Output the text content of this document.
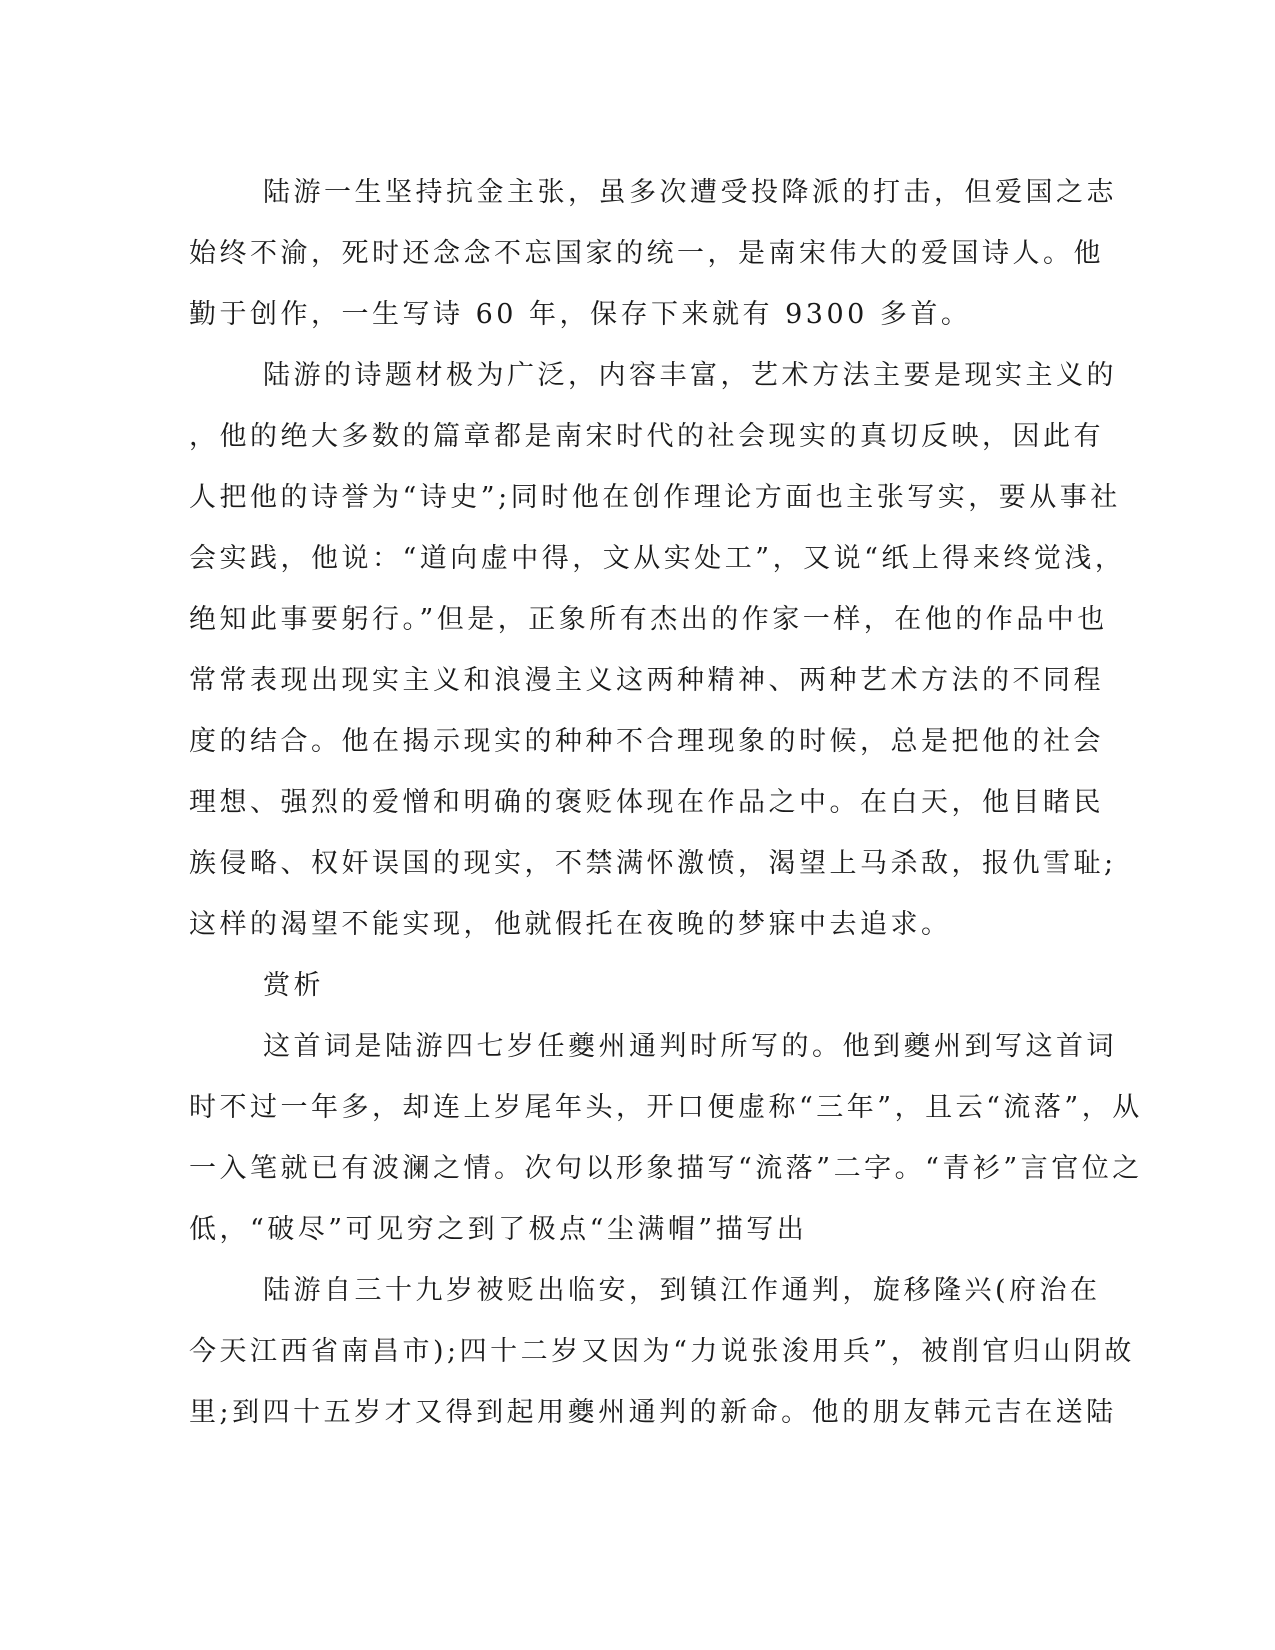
陆游一生坚持抗金主张，虽多次遭受投降派的打击，但爱国之志
始终不渝，死时还念念不忘国家的统一，是南宋伟大的爱国诗人。他
勤于创作，一生写诗 60 年，保存下来就有 9300 多首。
陆游的诗题材极为广泛，内容丰富，艺术方法主要是现实主义的
，他的绝大多数的篇章都是南宋时代的社会现实的真切反映，因此有
人把他的诗誉为“诗史”;同时他在创作理论方面也主张写实，要从事社
会实践，他说：“道向虚中得，文从实处工”，又说“纸上得来终觉浅，
绝知此事要躬行。”但是，正象所有杰出的作家一样，在他的作品中也
常常表现出现实主义和浪漫主义这两种精神、两种艺术方法的不同程
度的结合。他在揭示现实的种种不合理现象的时候，总是把他的社会
理想、强烈的爱憎和明确的褒贬体现在作品之中。在白天，他目睹民
族侵略、权奸误国的现实，不禁满怀激愤，渴望上马杀敌，报仇雪耻;
这样的渴望不能实现，他就假托在夜晚的梦寐中去追求。
赏析
这首词是陆游四七岁任夔州通判时所写的。他到夔州到写这首词
时不过一年多，却连上岁尾年头，开口便虚称“三年”，且云“流落”，从
一入笔就已有波澜之情。次句以形象描写“流落”二字。“青衫”言官位之
低，“破尽”可见穷之到了极点“尘满帽”描写出
陆游自三十九岁被贬出临安，到镇江作通判，旋移隆兴(府治在
今天江西省南昌市);四十二岁又因为“力说张浚用兵”，被削官归山阴故
里;到四十五岁才又得到起用夔州通判的新命。他的朋友韩元吉在送陆
